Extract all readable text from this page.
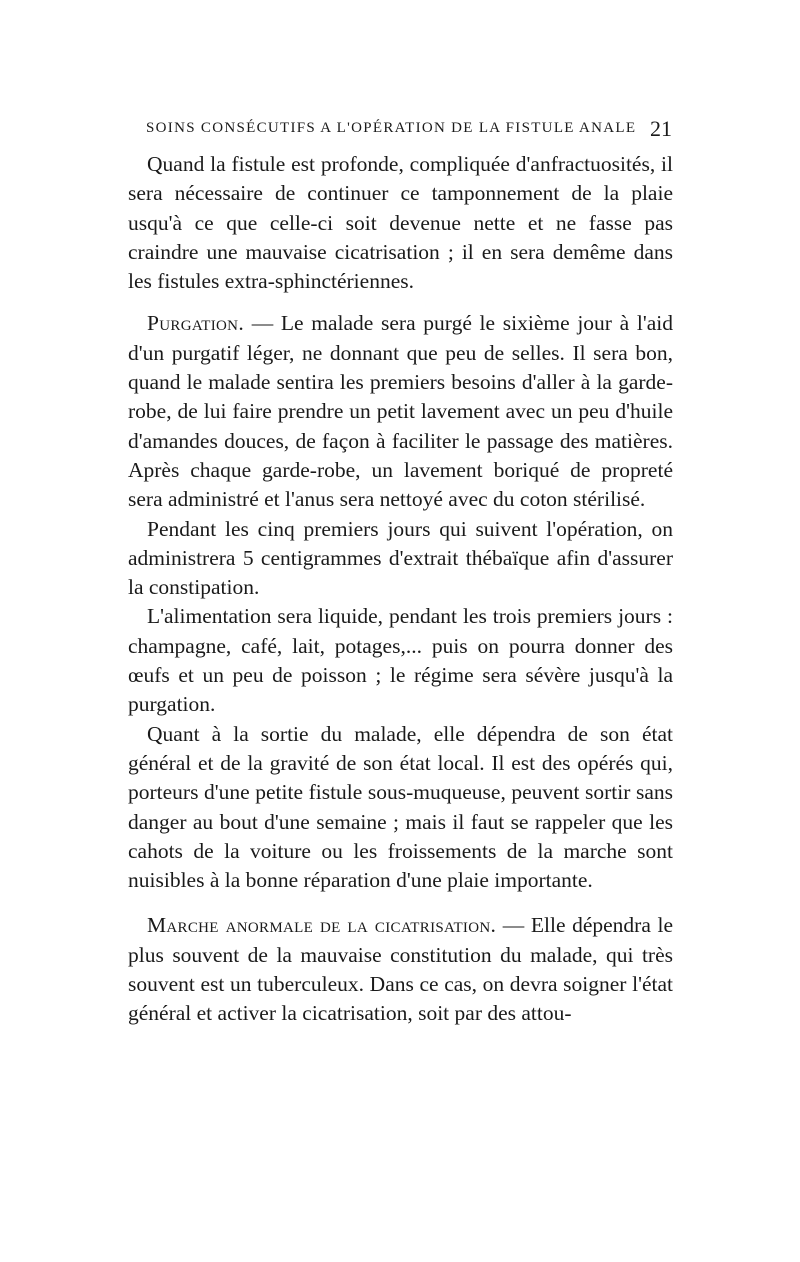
SOINS CONSÉCUTIFS A L'OPÉRATION DE LA FISTULE ANALE 21

Quand la fistule est profonde, compliquée d'anfractuosités, il sera nécessaire de continuer ce tamponnement de la plaie usqu'à ce que celle-ci soit devenue nette et ne fasse pas craindre une mauvaise cicatrisation ; il en sera demême dans les fistules extra-sphinctériennes.

Purgation. — Le malade sera purgé le sixième jour à l'aid d'un purgatif léger, ne donnant que peu de selles. Il sera bon, quand le malade sentira les premiers besoins d'aller à la garde-robe, de lui faire prendre un petit lavement avec un peu d'huile d'amandes douces, de façon à faciliter le passage des matières. Après chaque garde-robe, un lavement boriqué de propreté sera administré et l'anus sera nettoyé avec du coton stérilisé.

Pendant les cinq premiers jours qui suivent l'opération, on administrera 5 centigrammes d'extrait thébaïque afin d'assurer la constipation.

L'alimentation sera liquide, pendant les trois premiers jours : champagne, café, lait, potages,... puis on pourra donner des œufs et un peu de poisson ; le régime sera sévère jusqu'à la purgation.

Quant à la sortie du malade, elle dépendra de son état général et de la gravité de son état local. Il est des opérés qui, porteurs d'une petite fistule sous-muqueuse, peuvent sortir sans danger au bout d'une semaine ; mais il faut se rappeler que les cahots de la voiture ou les froissements de la marche sont nuisibles à la bonne réparation d'une plaie importante.

Marche anormale de la cicatrisation. — Elle dépendra le plus souvent de la mauvaise constitution du malade, qui très souvent est un tuberculeux. Dans ce cas, on devra soigner l'état général et activer la cicatrisation, soit par des attou-
